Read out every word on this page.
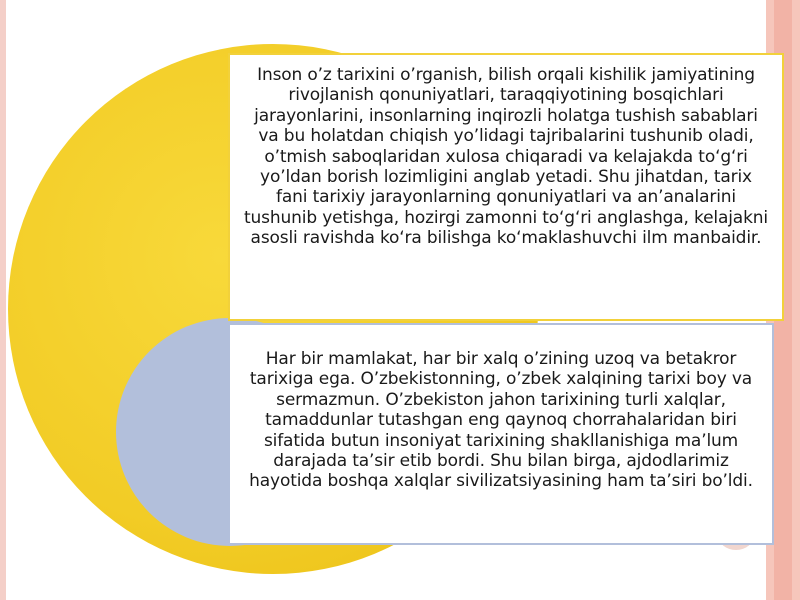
Inson o’z tarixini o’rganish, bilish orqali kishilik jamiyatining rivojlanish qonuniyatlari, taraqqiyotining bosqichlari jarayonlarini, insonlarning inqirozli holatga tushish sabablari va bu holatdan chiqish yo’lidagi tajribalarini tushunib oladi, o’tmish saboqlaridan xulosa chiqaradi va kelajakda to‘g‘ri yo’ldan borish lozimligini anglab yetadi. Shu jihatdan, tarix fani tarixiy jarayonlarning qonuniyatlari va an’analarini tushunib yetishga, hozirgi zamonni to‘g‘ri anglashga, kelajakni asosli ravishda ko‘ra bilishga ko‘maklashuvchi ilm manbaidir.

Har bir mamlakat, har bir xalq o’zining uzoq va betakror tarixiga ega. O’zbekistonning, o’zbek xalqining tarixi boy va sermazmun. O’zbekiston jahon tarixining turli xalqlar, tamaddunlar tutashgan eng qaynoq chorrahalaridan biri sifatida butun insoniyat tarixining shakllanishiga ma’lum darajada ta’sir etib bordi. Shu bilan birga, ajdodlarimiz hayotida boshqa xalqlar sivilizatsiyasining ham ta’siri bo’ldi.
